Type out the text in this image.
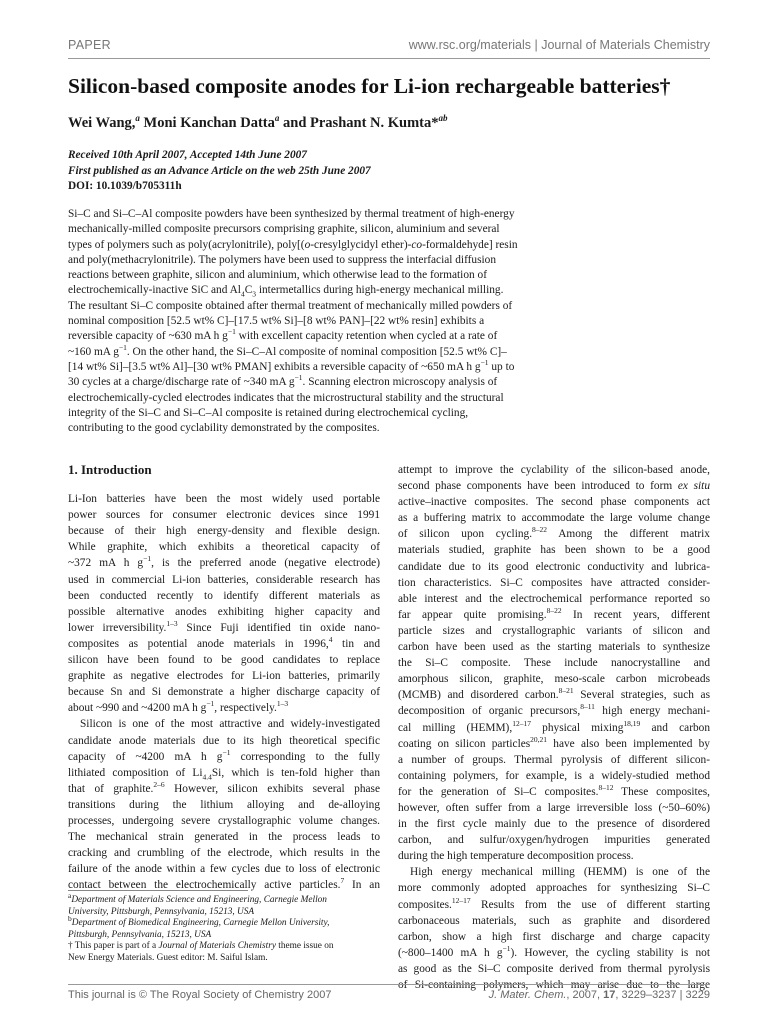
PAPER	www.rsc.org/materials | Journal of Materials Chemistry
Silicon-based composite anodes for Li-ion rechargeable batteries†
Wei Wang,$^a$ Moni Kanchan Datta$^a$ and Prashant N. Kumta*$^{ab}$
Received 10th April 2007, Accepted 14th June 2007
First published as an Advance Article on the web 25th June 2007
DOI: 10.1039/b705311h

Si–C and Si–C–Al composite powders have been synthesized by thermal treatment of high-energy

mechanically-milled composite precursors comprising graphite, silicon, aluminium and several

types of polymers such as poly(acrylonitrile), poly[(o-cresylglycidyl ether)-co-formaldehyde] resin

and poly(methacrylonitrile). The polymers have been used to suppress the interfacial diffusion

reactions between graphite, silicon and aluminium, which otherwise lead to the formation of

electrochemically-inactive SiC and $Al_4C_3$ intermetallics during high-energy mechanical milling.

The resultant Si–C composite obtained after thermal treatment of mechanically milled powders of

nominal composition [52.5 wt% C]–[17.5 wt% Si]–[8 wt% PAN]–[22 wt% resin] exhibits a

reversible capacity of ~630 mA h $g^{-1}$ with excellent capacity retention when cycled at a rate of

~160 mA $g^{-1}$. On the other hand, the Si–C–Al composite of nominal composition [52.5 wt% C]–

[14 wt% Si]–[3.5 wt% Al]–[30 wt% PMAN] exhibits a reversible capacity of ~650 mA h $g^{-1}$ up to

30 cycles at a charge/discharge rate of ~340 mA $g^{-1}$. Scanning electron microscopy analysis of

electrochemically-cycled electrodes indicates that the microstructural stability and the structural

integrity of the Si–C and Si–C–Al composite is retained during electrochemical cycling,

contributing to the good cyclability demonstrated by the composites.

1. Introduction

Li-Ion batteries have been the most widely used portable

power sources for consumer electronic devices since 1991

because of their high energy-density and flexible design.

While graphite, which exhibits a theoretical capacity of

~372 mA h $g^{-1}$, is the preferred anode (negative electrode)

used in commercial Li-ion batteries, considerable research has

been conducted recently to identify different materials as

possible alternative anodes exhibiting higher capacity and

lower irreversibility.$^{1-3}$ Since Fuji identified tin oxide nano-

composites as potential anode materials in 1996,$^4$ tin and

silicon have been found to be good candidates to replace

graphite as negative electrodes for Li-ion batteries, primarily

because Sn and Si demonstrate a higher discharge capacity of

about ~990 and ~4200 mA h $g^{-1}$, respectively.$^{1-3}$

Silicon is one of the most attractive and widely-investigated

candidate anode materials due to its high theoretical specific

capacity of ~4200 mA h $g^{-1}$ corresponding to the fully

lithiated composition of $Li_{4.4}Si$, which is ten-fold higher than

that of graphite.$^{2-6}$ However, silicon exhibits several phase

transitions during the lithium alloying and de-alloying

processes, undergoing severe crystallographic volume changes.

The mechanical strain generated in the process leads to

cracking and crumbling of the electrode, which results in the

failure of the anode within a few cycles due to loss of electronic

contact between the electrochemically active particles.$^7$ In an

attempt to improve the cyclability of the silicon-based anode,

second phase components have been introduced to form ex situ

active–inactive composites. The second phase components act

as a buffering matrix to accommodate the large volume change

of silicon upon cycling.$^{8-22}$ Among the different matrix

materials studied, graphite has been shown to be a good

candidate due to its good electronic conductivity and lubrica-

tion characteristics. Si–C composites have attracted consider-

able interest and the electrochemical performance reported so

far appear quite promising.$^{8-22}$ In recent years, different

particle sizes and crystallographic variants of silicon and

carbon have been used as the starting materials to synthesize

the Si–C composite. These include nanocrystalline and

amorphous silicon, graphite, meso-scale carbon microbeads

(MCMB) and disordered carbon.$^{8-21}$ Several strategies, such as

decomposition of organic precursors,$^{8-11}$ high energy mechani-

cal milling (HEMM),$^{12-17}$ physical mixing$^{18,19}$ and carbon

coating on silicon particles$^{20,21}$ have also been implemented by

a number of groups. Thermal pyrolysis of different silicon-

containing polymers, for example, is a widely-studied method

for the generation of Si–C composites.$^{8-12}$ These composites,

however, often suffer from a large irreversible loss (~50–60%)

in the first cycle mainly due to the presence of disordered

carbon, and sulfur/oxygen/hydrogen impurities generated

during the high temperature decomposition process.

High energy mechanical milling (HEMM) is one of the

more commonly adopted approaches for synthesizing Si–C

composites.$^{12-17}$ Results from the use of different starting

carbonaceous materials, such as graphite and disordered

carbon, show a high first discharge and charge capacity

(~800–1400 mA h $g^{-1}$). However, the cycling stability is not

as good as the Si–C composite derived from thermal pyrolysis

of Si-containing polymers, which may arise due to the large

$^a$Department of Materials Science and Engineering, Carnegie Mellon

University, Pittsburgh, Pennsylvania, 15213, USA

$^b$Department of Biomedical Engineering, Carnegie Mellon University,

Pittsburgh, Pennsylvania, 15213, USA

† This paper is part of a Journal of Materials Chemistry theme issue on

New Energy Materials. Guest editor: M. Saiful Islam.

This journal is © The Royal Society of Chemistry 2007	J. Mater. Chem., 2007, 17, 3229–3237 | 3229
